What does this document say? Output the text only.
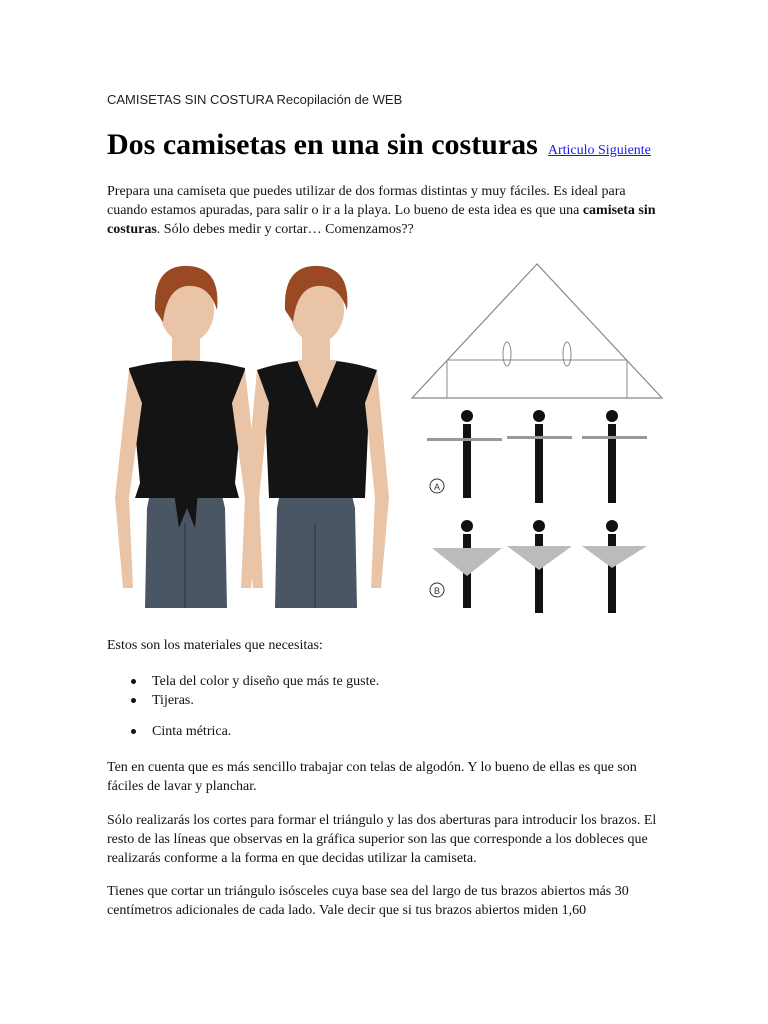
CAMISETAS SIN COSTURA Recopilación de WEB
Dos camisetas en una sin costuras Articulo Siguiente
Prepara una camiseta que puedes utilizar de dos formas distintas y muy fáciles. Es ideal para cuando estamos apuradas, para salir o ir a la playa. Lo bueno de esta idea es que una camiseta sin costuras. Sólo debes medir y cortar… Comenzamos??
A
B
Estos son los materiales que necesitas:
Tela del color y diseño que más te guste.
Tijeras.
Cinta métrica.
Ten en cuenta que es más sencillo trabajar con telas de algodón. Y lo bueno de ellas es que son fáciles de lavar y planchar.
Sólo realizarás los cortes para formar el triángulo y las dos aberturas para introducir los brazos. El resto de las líneas que observas en la gráfica superior son las que corresponde a los dobleces que realizarás conforme a la forma en que decidas utilizar la camiseta.
Tienes que cortar un triángulo isósceles cuya base sea del largo de tus brazos abiertos más 30 centímetros adicionales de cada lado. Vale decir que si tus brazos abiertos miden 1,60
